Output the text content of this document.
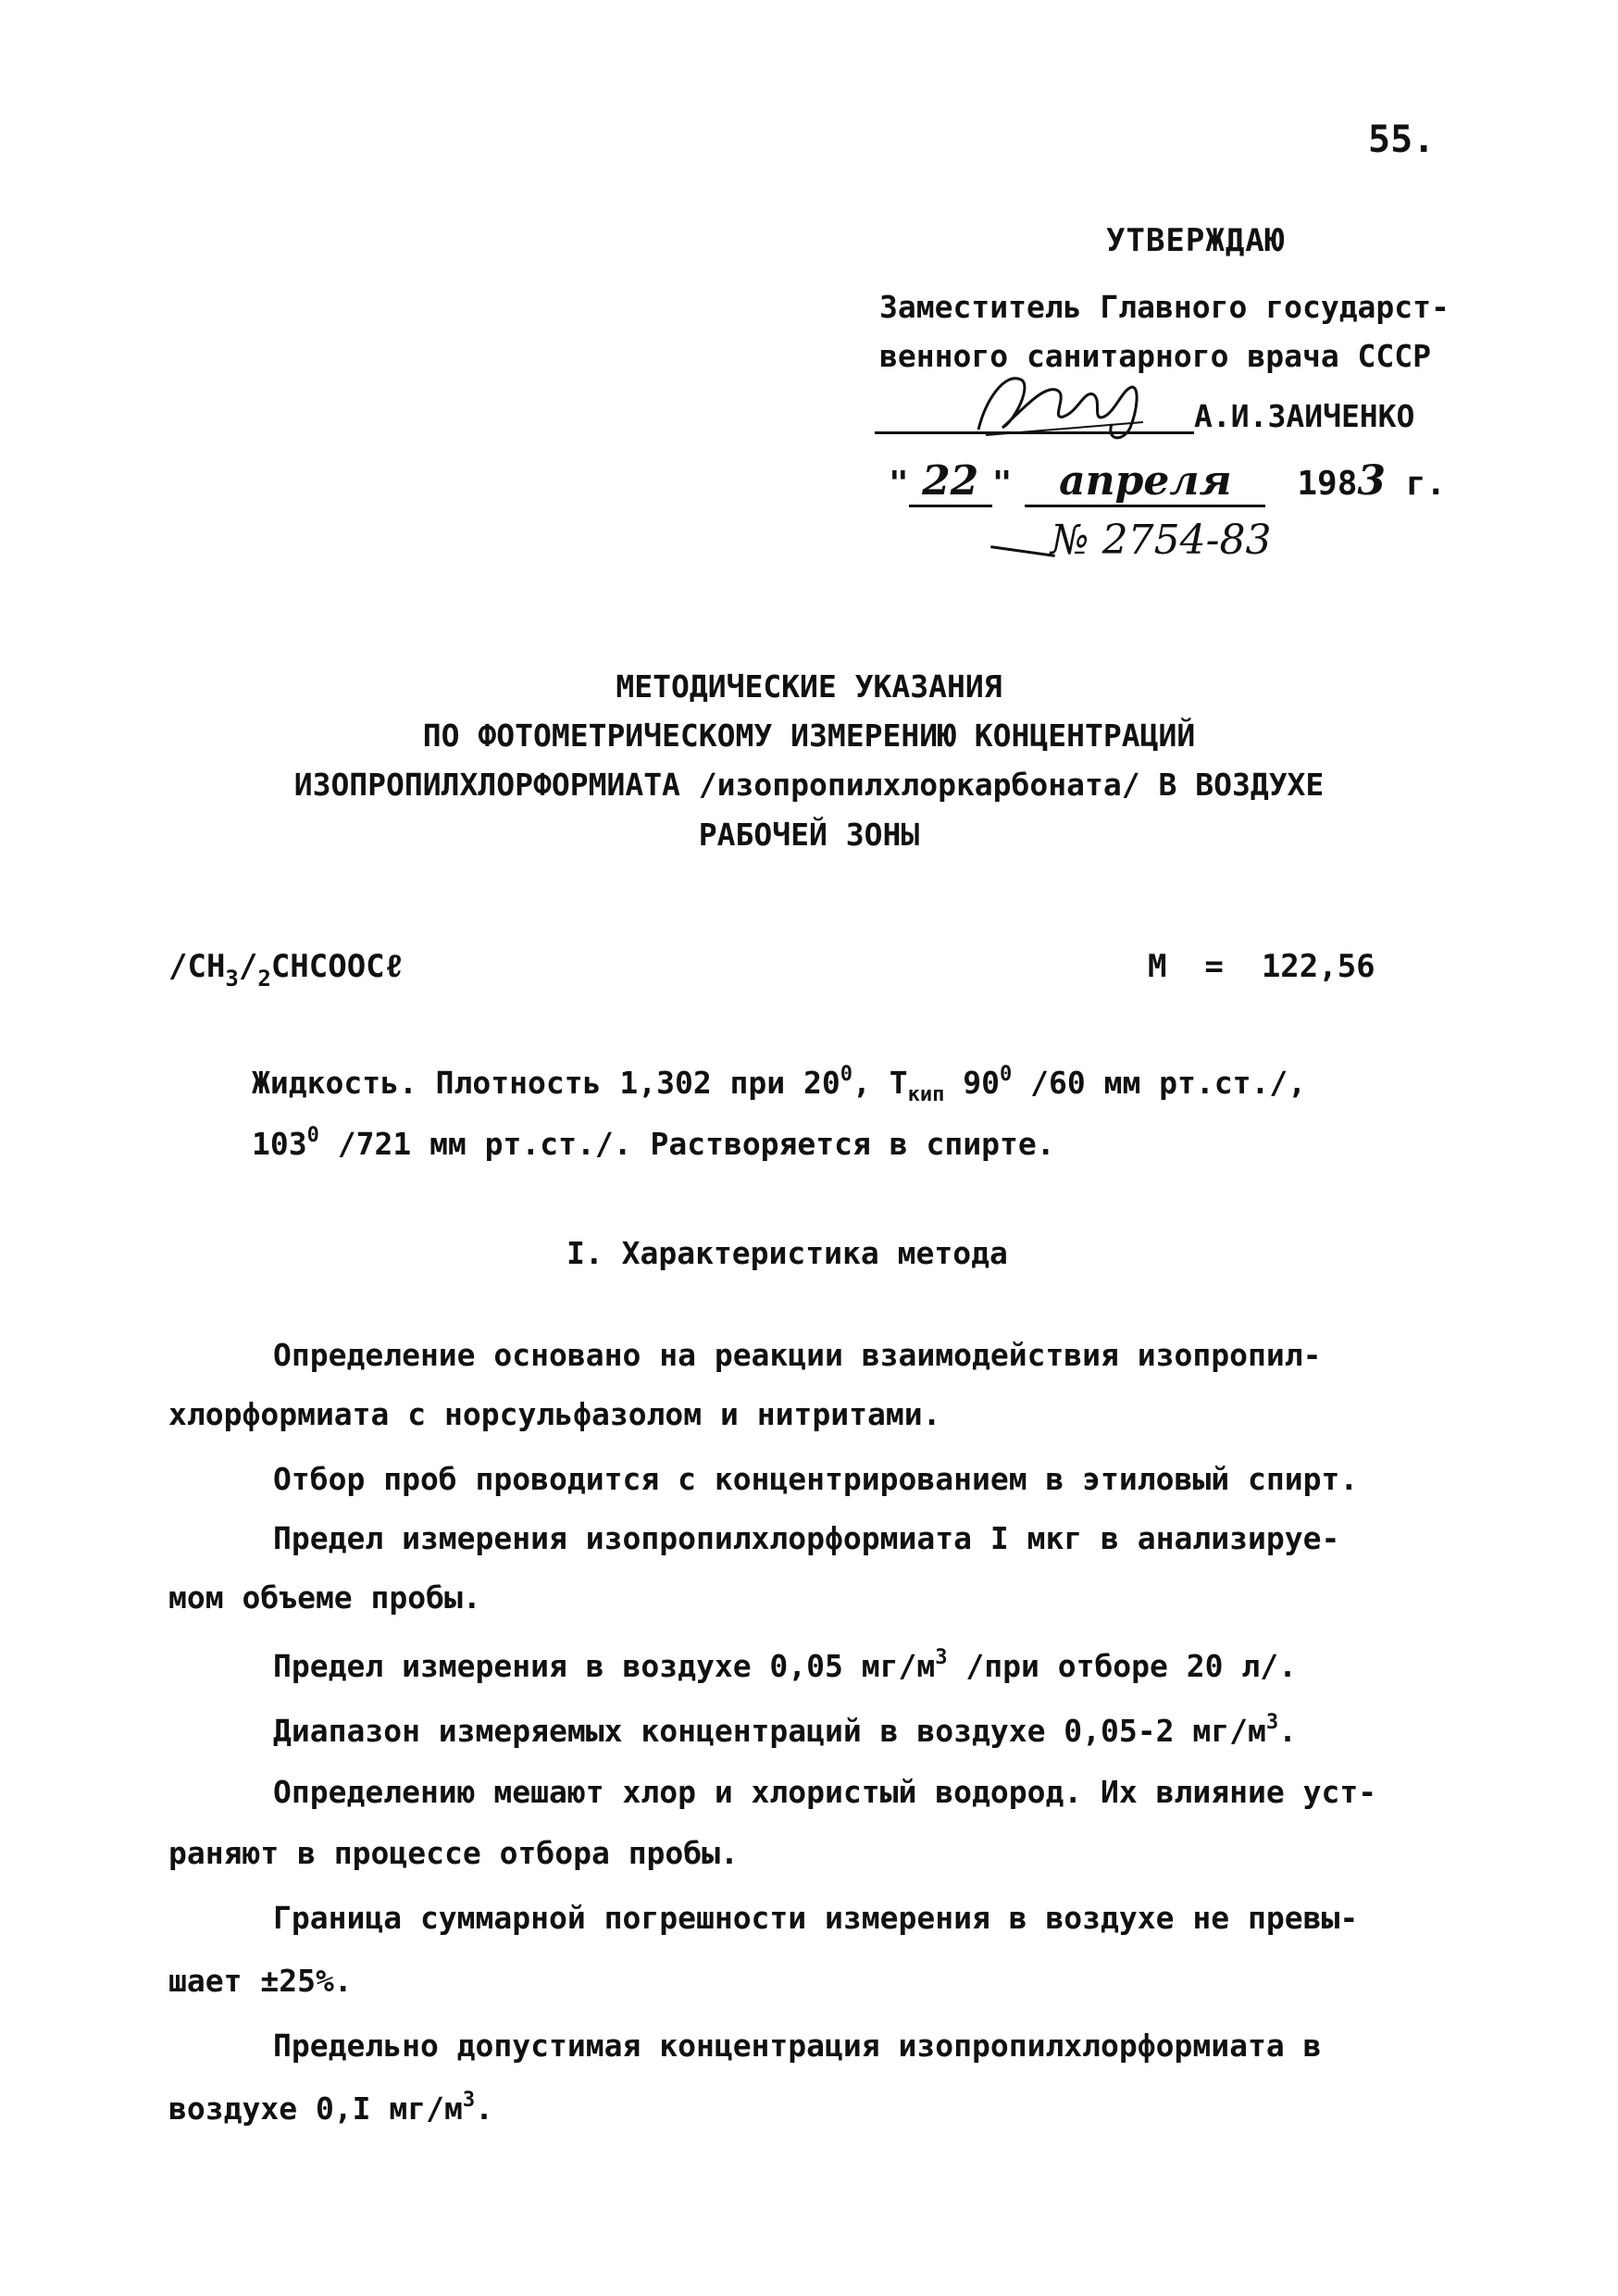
55.
УТВЕРЖДАЮ
Заместитель Главного государст-
венного санитарного врача СССР
А.И.ЗАИЧЕНКО
" 22 " апреля 1983 г.
№ 2754-83
МЕТОДИЧЕСКИЕ УКАЗАНИЯ
ПО ФОТОМЕТРИЧЕСКОМУ ИЗМЕРЕНИЮ КОНЦЕНТРАЦИЙ
ИЗОПРОПИЛХЛОРФОРМИАТА /изопропилхлоркарбоната/ В ВОЗДУХЕ
РАБОЧЕЙ ЗОНЫ
$/CH_3/_2CHCOOC\ell$	M  =  122,56
Жидкость. Плотность 1,302 при $20^0$, $T_{кип}$ $90^0$ /60 мм рт.ст./,
$103^0$ /721 мм рт.ст./. Растворяется в спирте.
I. Характеристика метода
Определение основано на реакции взаимодействия изопропил-
хлорформиата с норсульфазолом и нитритами.
Отбор проб проводится с концентрированием в этиловый спирт.
Предел измерения изопропилхлорформиата I мкг в анализируе-
мом объеме пробы.
Предел измерения в воздухе 0,05 $мг/м^3$ /при отборе 20 л/.
Диапазон измеряемых концентраций в воздухе 0,05-2 $мг/м^3$.
Определению мешают хлор и хлористый водород. Их влияние уст-
раняют в процессе отбора пробы.
Граница суммарной погрешности измерения в воздухе не превы-
шает ±25%.
Предельно допустимая концентрация изопропилхлорформиата в
воздухе 0,I $мг/м^3$.
